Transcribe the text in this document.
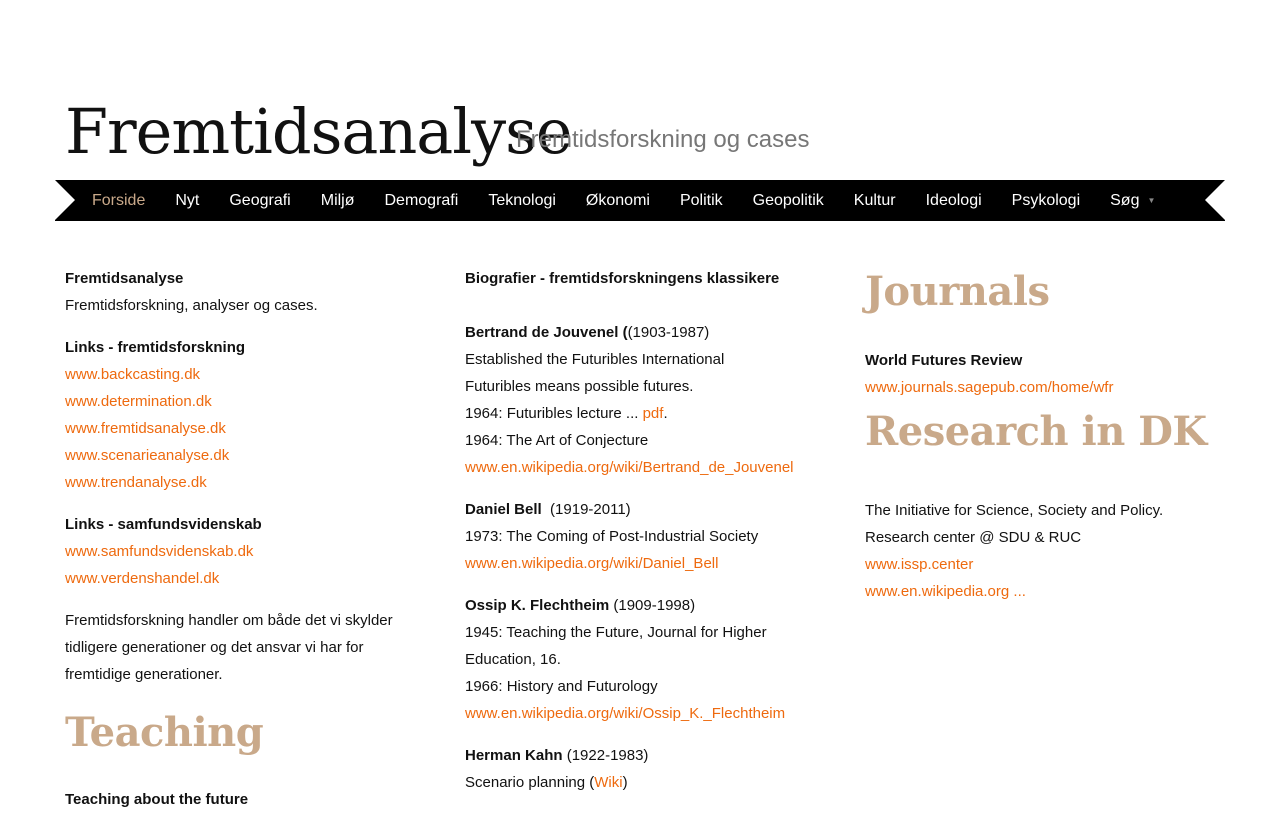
Fremtidsanalyse
Fremtidsforskning og cases
Forside	Nyt	Geografi	Miljø	Demografi	Teknologi	Økonomi	Politik	Geopolitik	Kultur	Ideologi	Psykologi	Søg ▼

Fremtidsanalyse

Fremtidsforskning, analyser og cases.

Links - fremtidsforskning

www.backcasting.dk
www.determination.dk
www.fremtidsanalyse.dk
www.scenarieanalyse.dk
www.trendanalyse.dk

Links - samfundsvidenskab

www.samfundsvidenskab.dk
www.verdenshandel.dk

Fremtidsforskning handler om både det vi skylder tidligere generationer og det ansvar vi har for fremtidige generationer.

Teaching

Teaching about the future

Biografier - fremtidsforskningens klassikere

Bertrand de Jouvenel ((1903-1987)

Established the Futuribles International

Futuribles means possible futures.

1964: Futuribles lecture ... pdf.

1964: The Art of Conjecture

www.en.wikipedia.org/wiki/Bertrand_de_Jouvenel

Daniel Bell (1919-2011)

1973: The Coming of Post-Industrial Society

www.en.wikipedia.org/wiki/Daniel_Bell

Ossip K. Flechtheim (1909-1998)

1945: Teaching the Future, Journal for Higher Education, 16.

1966: History and Futurology

www.en.wikipedia.org/wiki/Ossip_K._Flechtheim

Herman Kahn (1922-1983)

Scenario planning (Wiki)

Journals

World Futures Review

www.journals.sagepub.com/home/wfr
Research in DK

The Initiative for Science, Society and Policy.

Research center @ SDU & RUC

www.issp.center
www.en.wikipedia.org ...
